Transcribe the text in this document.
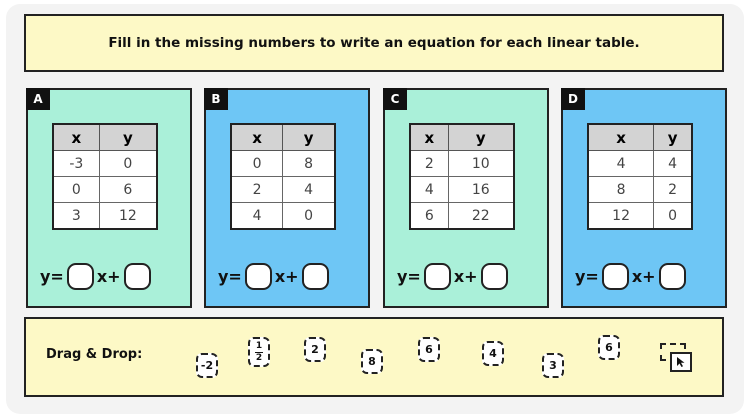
Fill in the missing numbers to write an equation for each linear table.
A
x	y
-3	0
0	6
3	12
y= x+
B
x	y
0	8
2	4
4	0
y= x+
C
x	y
2	10
4	16
6	22
y= x+
D
x	y
4	4
8	2
12	0
y= x+
Drag & Drop:
-2
1
2
2
8
6	4
3
6
